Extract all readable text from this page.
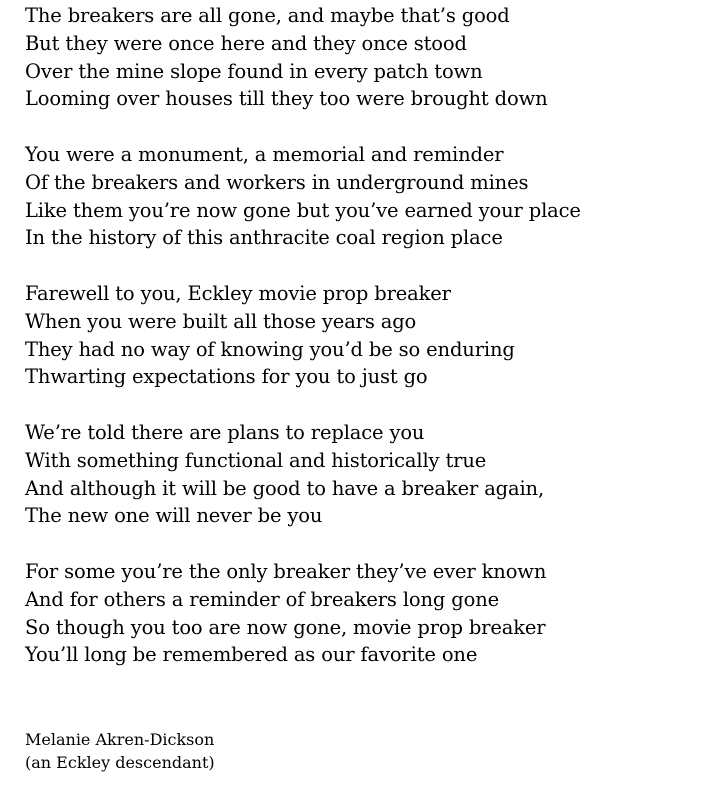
The breakers are all gone, and maybe that’s good
But they were once here and they once stood
Over the mine slope found in every patch town
Looming over houses till they too were brought down
You were a monument, a memorial and reminder
Of the breakers and workers in underground mines
Like them you’re now gone but you’ve earned your place
In the history of this anthracite coal region place
Farewell to you, Eckley movie prop breaker
When you were built all those years ago
They had no way of knowing you’d be so enduring
Thwarting expectations for you to just go
We’re told there are plans to replace you
With something functional and historically true
And although it will be good to have a breaker again,
The new one will never be you
For some you’re the only breaker they’ve ever known
And for others a reminder of breakers long gone
So though you too are now gone, movie prop breaker
You’ll long be remembered as our favorite one
Melanie Akren-Dickson
(an Eckley descendant)
